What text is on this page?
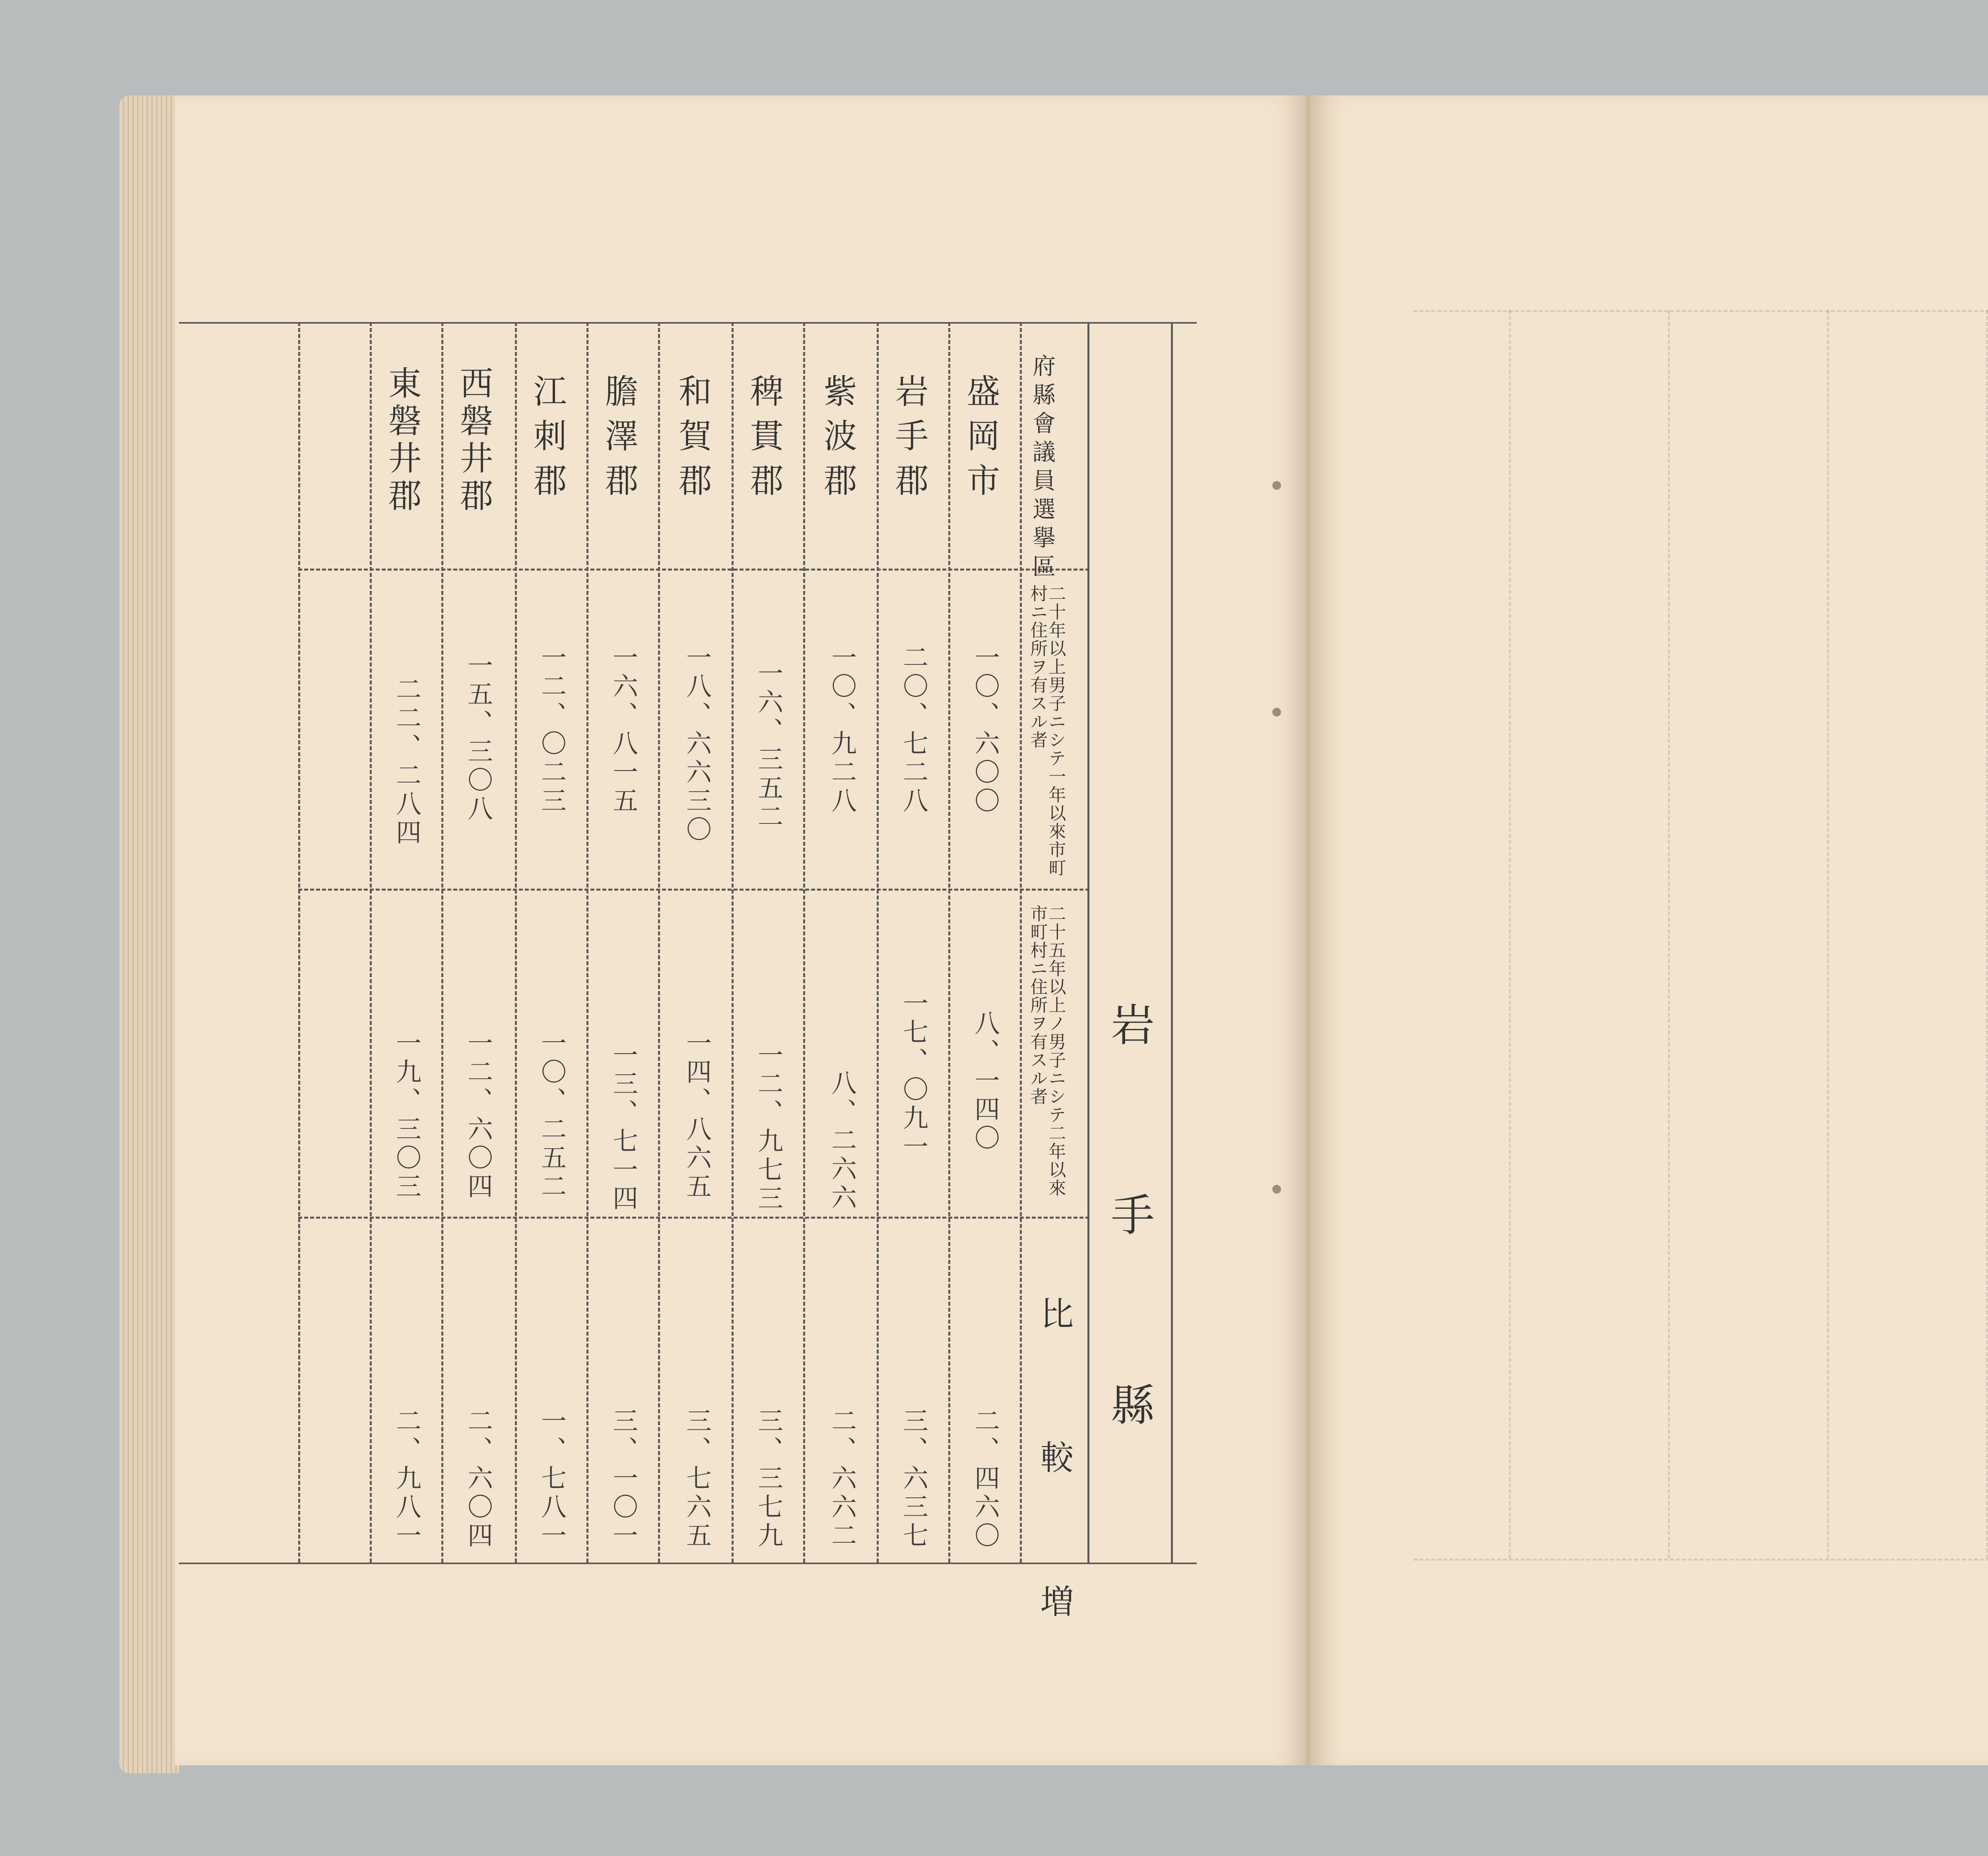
岩 手 縣
府縣會議員選擧區
二十年以上男子ニシテ一年以來市町村ニ住所ヲ有スル者
二十五年以上ノ男子ニシテ二年以來市町村ニ住所ヲ有スル者
比 較 増
盛岡市
一〇、六〇〇
八、一四〇
二、四六〇
岩手郡
二〇、七二八
一七、〇九一
三、六三七
紫波郡
一〇、九二八
八、二六六
二、六六二
稗貫郡
一六、三五二
一二、九七三
三、三七九
和賀郡
一八、六六三〇
一四、八六五
三、七六五
膽澤郡
一六、八一五
一三、七一四
三、一〇一
江刺郡
一二、〇二三
一〇、二五二
一、七八一
西磐井郡
一五、三〇八
一二、六〇四
二、六〇四
東磐井郡
二二、二八四
一九、三〇三
二、九八一
